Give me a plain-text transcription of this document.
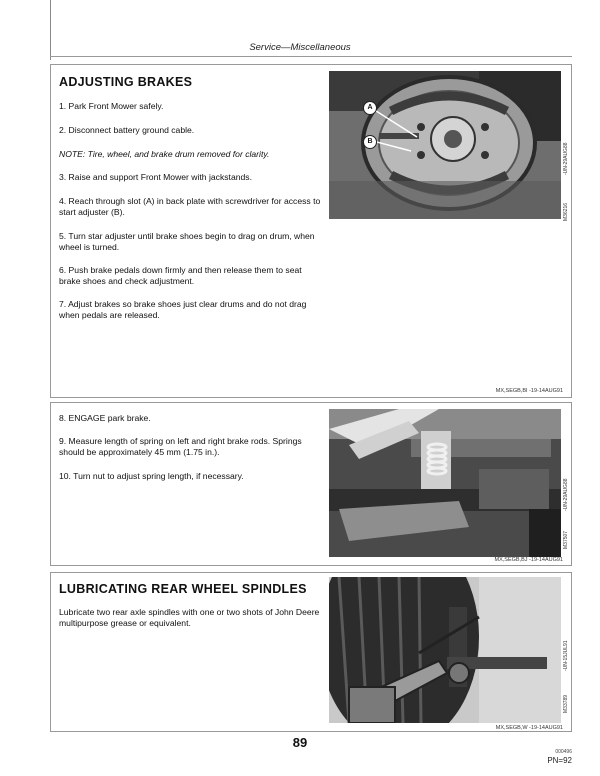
Service—Miscellaneous
ADJUSTING BRAKES
1. Park Front Mower safely.
2. Disconnect battery ground cable.
NOTE: Tire, wheel, and brake drum removed for clarity.
3. Raise and support Front Mower with jackstands.
4. Reach through slot (A) in back plate with screwdriver for access to start adjuster (B).
5. Turn star adjuster until brake shoes begin to drag on drum, when wheel is turned.
6. Push brake pedals down firmly and then release them to seat brake shoes and check adjustment.
7. Adjust brakes so brake shoes just clear drums and do not drag when pedals are released.
A
B
M36216
-UN-29AUG88
MX,SEGB,BI -19-14AUG91
8. ENGAGE park brake.
9. Measure length of spring on left and right brake rods. Springs should be approximately 45 mm (1.75 in.).
10. Turn nut to adjust spring length, if necessary.
M37507
-UN-29AUG88
MX,SEGB,BJ -19-14AUG91
LUBRICATING REAR WHEEL SPINDLES
Lubricate two rear axle spindles with one or two shots of John Deere multipurpose grease or equivalent.
M33789
-UN-15JUL91
MX,SEGB,W -19-14AUG91
89
000496
PN=92
